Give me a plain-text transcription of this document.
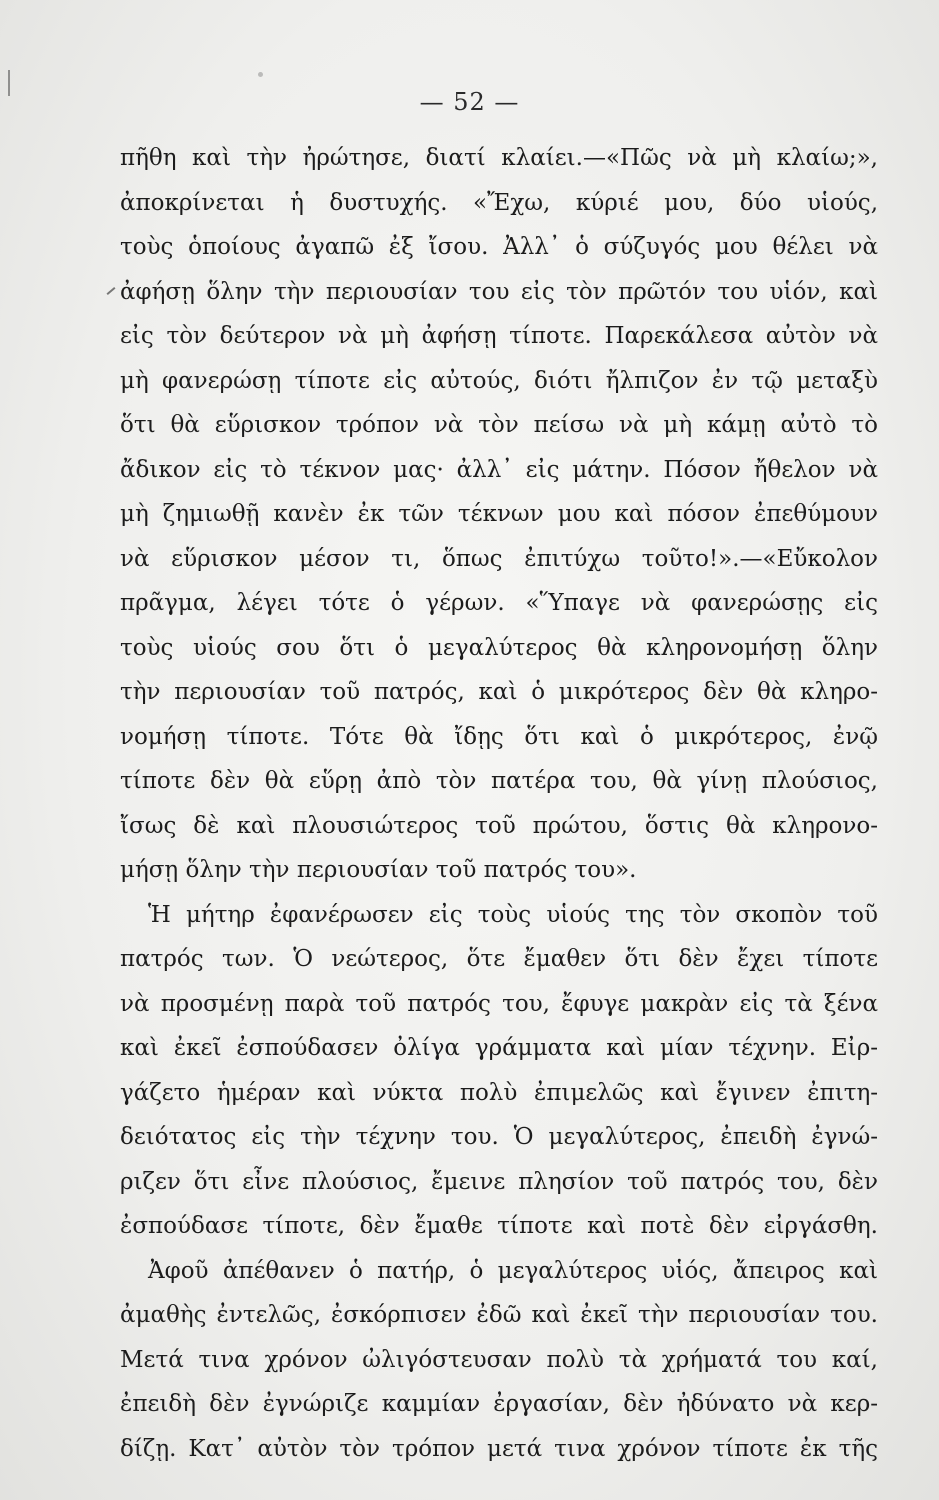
— 52 —
πῆθη καὶ τὴν ἠρώτησε, διατί κλαίει.—«Πῶς νὰ μὴ κλαίω;»,
ἀποκρίνεται ἡ δυστυχής. «Ἔχω, κύριέ μου, δύο υἱούς,
τοὺς ὁποίους ἀγαπῶ ἐξ ἴσου. Ἀλλ᾽ ὁ σύζυγός μου θέλει νὰ
ἀφήσῃ ὅλην τὴν περιουσίαν του εἰς τὸν πρῶτόν του υἱόν, καὶ
εἰς τὸν δεύτερον νὰ μὴ ἀφήσῃ τίποτε. Παρεκάλεσα αὐτὸν νὰ
μὴ φανερώσῃ τίποτε εἰς αὐτούς, διότι ἤλπιζον ἐν τῷ μεταξὺ
ὅτι θὰ εὕρισκον τρόπον νὰ τὸν πείσω νὰ μὴ κάμῃ αὐτὸ τὸ
ἄδικον εἰς τὸ τέκνον μας· ἀλλ᾽ εἰς μάτην. Πόσον ἤθελον νὰ
μὴ ζημιωθῇ κανὲν ἐκ τῶν τέκνων μου καὶ πόσον ἐπεθύμουν
νὰ εὕρισκον μέσον τι, ὅπως ἐπιτύχω τοῦτο!».—«Εὔκολον
πρᾶγμα, λέγει τότε ὁ γέρων. «Ὕπαγε νὰ φανερώσῃς εἰς
τοὺς υἱούς σου ὅτι ὁ μεγαλύτερος θὰ κληρονομήσῃ ὅλην
τὴν περιουσίαν τοῦ πατρός, καὶ ὁ μικρότερος δὲν θὰ κληρο-
νομήσῃ τίποτε. Τότε θὰ ἴδῃς ὅτι καὶ ὁ μικρότερος, ἐνῷ
τίποτε δὲν θὰ εὕρῃ ἀπὸ τὸν πατέρα του, θὰ γίνῃ πλούσιος,
ἴσως δὲ καὶ πλουσιώτερος τοῦ πρώτου, ὅστις θὰ κληρονο-
μήσῃ ὅλην τὴν περιουσίαν τοῦ πατρός του».
Ἡ μήτηρ ἐφανέρωσεν εἰς τοὺς υἱούς της τὸν σκοπὸν τοῦ
πατρός των. Ὁ νεώτερος, ὅτε ἔμαθεν ὅτι δὲν ἔχει τίποτε
νὰ προσμένῃ παρὰ τοῦ πατρός του, ἔφυγε μακρὰν εἰς τὰ ξένα
καὶ ἐκεῖ ἐσπούδασεν ὀλίγα γράμματα καὶ μίαν τέχνην. Εἰρ-
γάζετο ἡμέραν καὶ νύκτα πολὺ ἐπιμελῶς καὶ ἔγινεν ἐπιτη-
δειότατος εἰς τὴν τέχνην του. Ὁ μεγαλύτερος, ἐπειδὴ ἐγνώ-
ριζεν ὅτι εἶνε πλούσιος, ἔμεινε πλησίον τοῦ πατρός του, δὲν
ἐσπούδασε τίποτε, δὲν ἔμαθε τίποτε καὶ ποτὲ δὲν εἰργάσθη.
Ἀφοῦ ἀπέθανεν ὁ πατήρ, ὁ μεγαλύτερος υἱός, ἄπειρος καὶ
ἀμαθὴς ἐντελῶς, ἐσκόρπισεν ἐδῶ καὶ ἐκεῖ τὴν περιουσίαν του.
Μετά τινα χρόνον ὠλιγόστευσαν πολὺ τὰ χρήματά του καί,
ἐπειδὴ δὲν ἐγνώριζε καμμίαν ἐργασίαν, δὲν ἠδύνατο νὰ κερ-
δίζῃ. Κατ᾽ αὐτὸν τὸν τρόπον μετά τινα χρόνον τίποτε ἐκ τῆς
